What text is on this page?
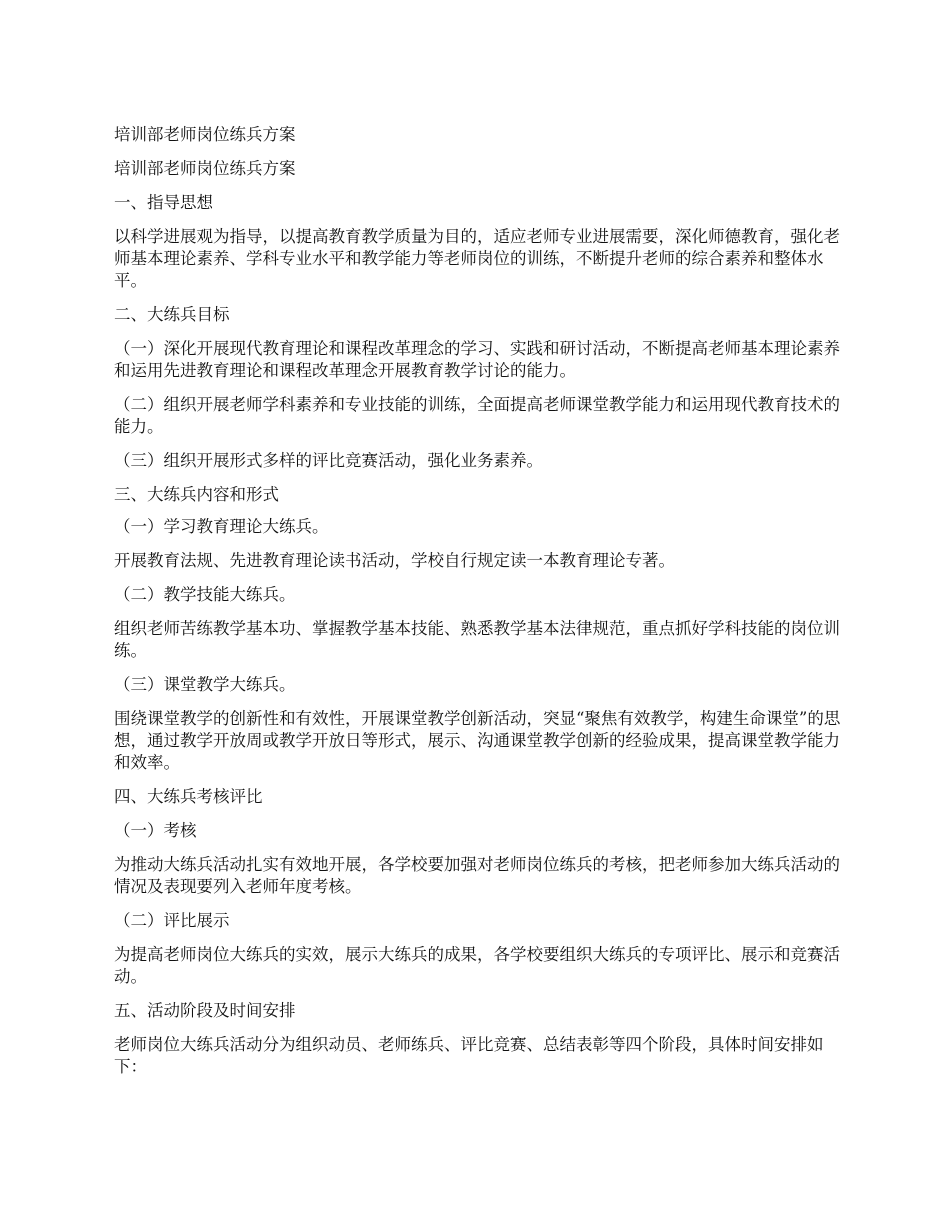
培训部老师岗位练兵方案

培训部老师岗位练兵方案

一、指导思想

以科学进展观为指导，以提高教育教学质量为目的，适应老师专业进展需要，深化师德教育，强化老师基本理论素养、学科专业水平和教学能力等老师岗位的训练，不断提升老师的综合素养和整体水平。

二、大练兵目标

（一）深化开展现代教育理论和课程改革理念的学习、实践和研讨活动，不断提高老师基本理论素养和运用先进教育理论和课程改革理念开展教育教学讨论的能力。

（二）组织开展老师学科素养和专业技能的训练，全面提高老师课堂教学能力和运用现代教育技术的能力。

（三）组织开展形式多样的评比竞赛活动，强化业务素养。

三、大练兵内容和形式

（一）学习教育理论大练兵。

开展教育法规、先进教育理论读书活动，学校自行规定读一本教育理论专著。

（二）教学技能大练兵。

组织老师苦练教学基本功、掌握教学基本技能、熟悉教学基本法律规范，重点抓好学科技能的岗位训练。

（三）课堂教学大练兵。

围绕课堂教学的创新性和有效性，开展课堂教学创新活动，突显“聚焦有效教学，构建生命课堂”的思想，通过教学开放周或教学开放日等形式，展示、沟通课堂教学创新的经验成果，提高课堂教学能力和效率。

四、大练兵考核评比

（一）考核

为推动大练兵活动扎实有效地开展，各学校要加强对老师岗位练兵的考核，把老师参加大练兵活动的情况及表现要列入老师年度考核。

（二）评比展示

为提高老师岗位大练兵的实效，展示大练兵的成果，各学校要组织大练兵的专项评比、展示和竞赛活动。

五、活动阶段及时间安排

老师岗位大练兵活动分为组织动员、老师练兵、评比竞赛、总结表彰等四个阶段，具体时间安排如下：
